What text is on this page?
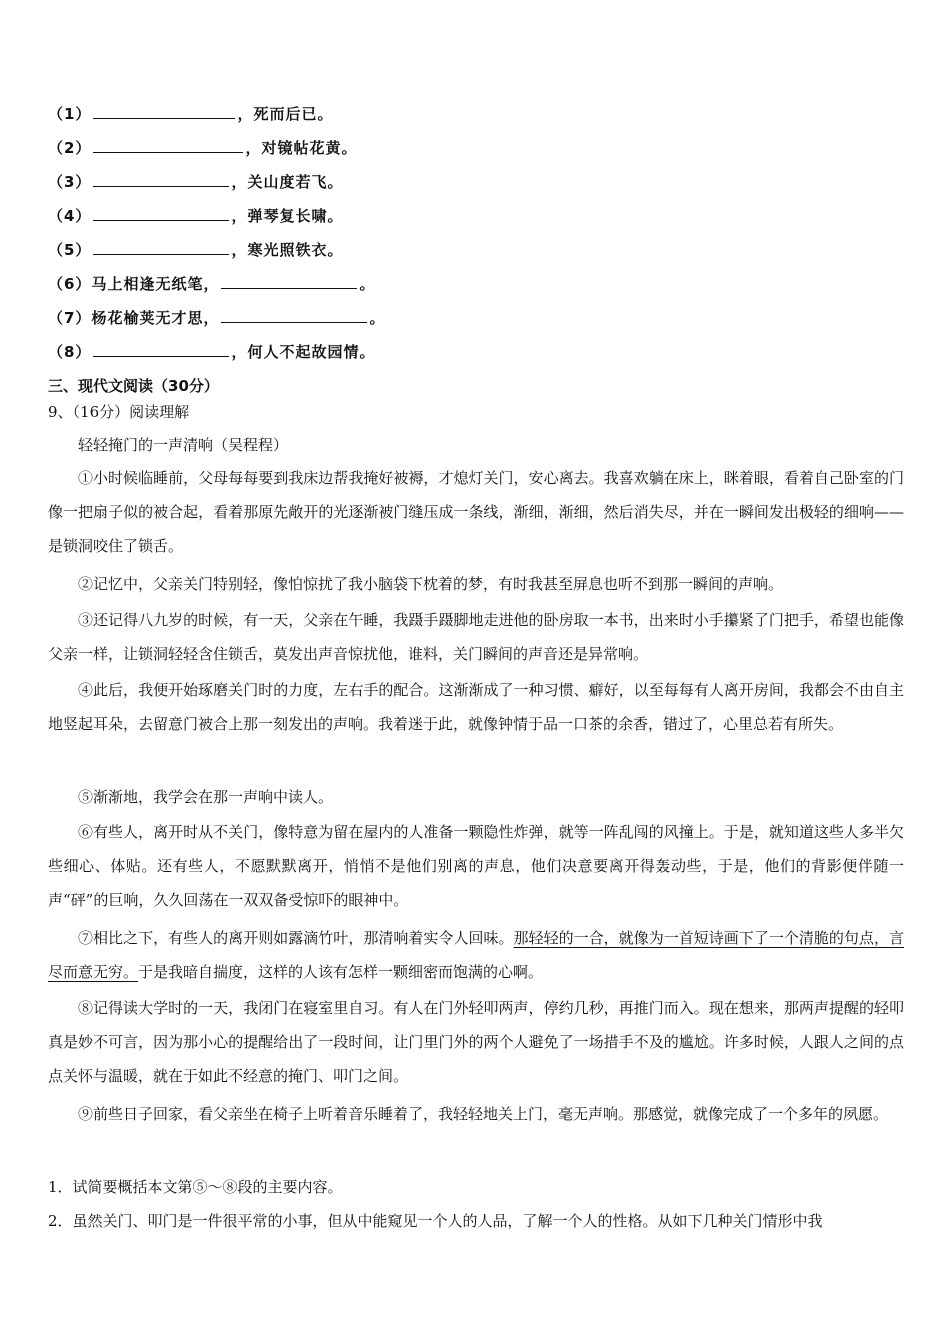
（1）	，死而后已。
（2）	，对镜帖花黄。
（3）	，关山度若飞。
（4）	，弹琴复长啸。
（5）	，寒光照铁衣。
（6）马上相逢无纸笔，	。
（7）杨花榆荚无才思，	。
（8）	，何人不起故园情。
三、现代文阅读（30分）
9、（16分）阅读理解
轻轻掩门的一声清响（吴程程）
①小时候临睡前，父母每每要到我床边帮我掩好被褥，才熄灯关门，安心离去。我喜欢躺在床上，眯着眼，看着自己卧室的门像一把扇子似的被合起，看着那原先敞开的光逐渐被门缝压成一条线，渐细，渐细，然后消失尽，并在一瞬间发出极轻的细响——是锁洞咬住了锁舌。
②记忆中，父亲关门特别轻，像怕惊扰了我小脑袋下枕着的梦，有时我甚至屏息也听不到那一瞬间的声响。
③还记得八九岁的时候，有一天，父亲在午睡，我蹑手蹑脚地走进他的卧房取一本书，出来时小手攥紧了门把手，希望也能像父亲一样，让锁洞轻轻含住锁舌，莫发出声音惊扰他，谁料，关门瞬间的声音还是异常响。
④此后，我便开始琢磨关门时的力度，左右手的配合。这渐渐成了一种习惯、癖好，以至每每有人离开房间，我都会不由自主地竖起耳朵，去留意门被合上那一刻发出的声响。我着迷于此，就像钟情于品一口茶的余香，错过了，心里总若有所失。
⑤渐渐地，我学会在那一声响中读人。
⑥有些人，离开时从不关门，像特意为留在屋内的人准备一颗隐性炸弹，就等一阵乱闯的风撞上。于是，就知道这些人多半欠些细心、体贴。还有些人，不愿默默离开，悄悄不是他们别离的声息，他们决意要离开得轰动些，于是，他们的背影便伴随一声“砰”的巨响，久久回荡在一双双备受惊吓的眼神中。
⑦相比之下，有些人的离开则如露滴竹叶，那清响着实令人回味。那轻轻的一合，就像为一首短诗画下了一个清脆的句点，言尽而意无穷。于是我暗自揣度，这样的人该有怎样一颗细密而饱满的心啊。
⑧记得读大学时的一天，我闭门在寝室里自习。有人在门外轻叩两声，停约几秒，再推门而入。现在想来，那两声提醒的轻叩真是妙不可言，因为那小心的提醒给出了一段时间，让门里门外的两个人避免了一场措手不及的尴尬。许多时候，人跟人之间的点点关怀与温暖，就在于如此不经意的掩门、叩门之间。
⑨前些日子回家，看父亲坐在椅子上听着音乐睡着了，我轻轻地关上门，毫无声响。那感觉，就像完成了一个多年的夙愿。
1．试简要概括本文第⑤～⑧段的主要内容。
2．虽然关门、叩门是一件很平常的小事，但从中能窥见一个人的人品，了解一个人的性格。从如下几种关门情形中我
